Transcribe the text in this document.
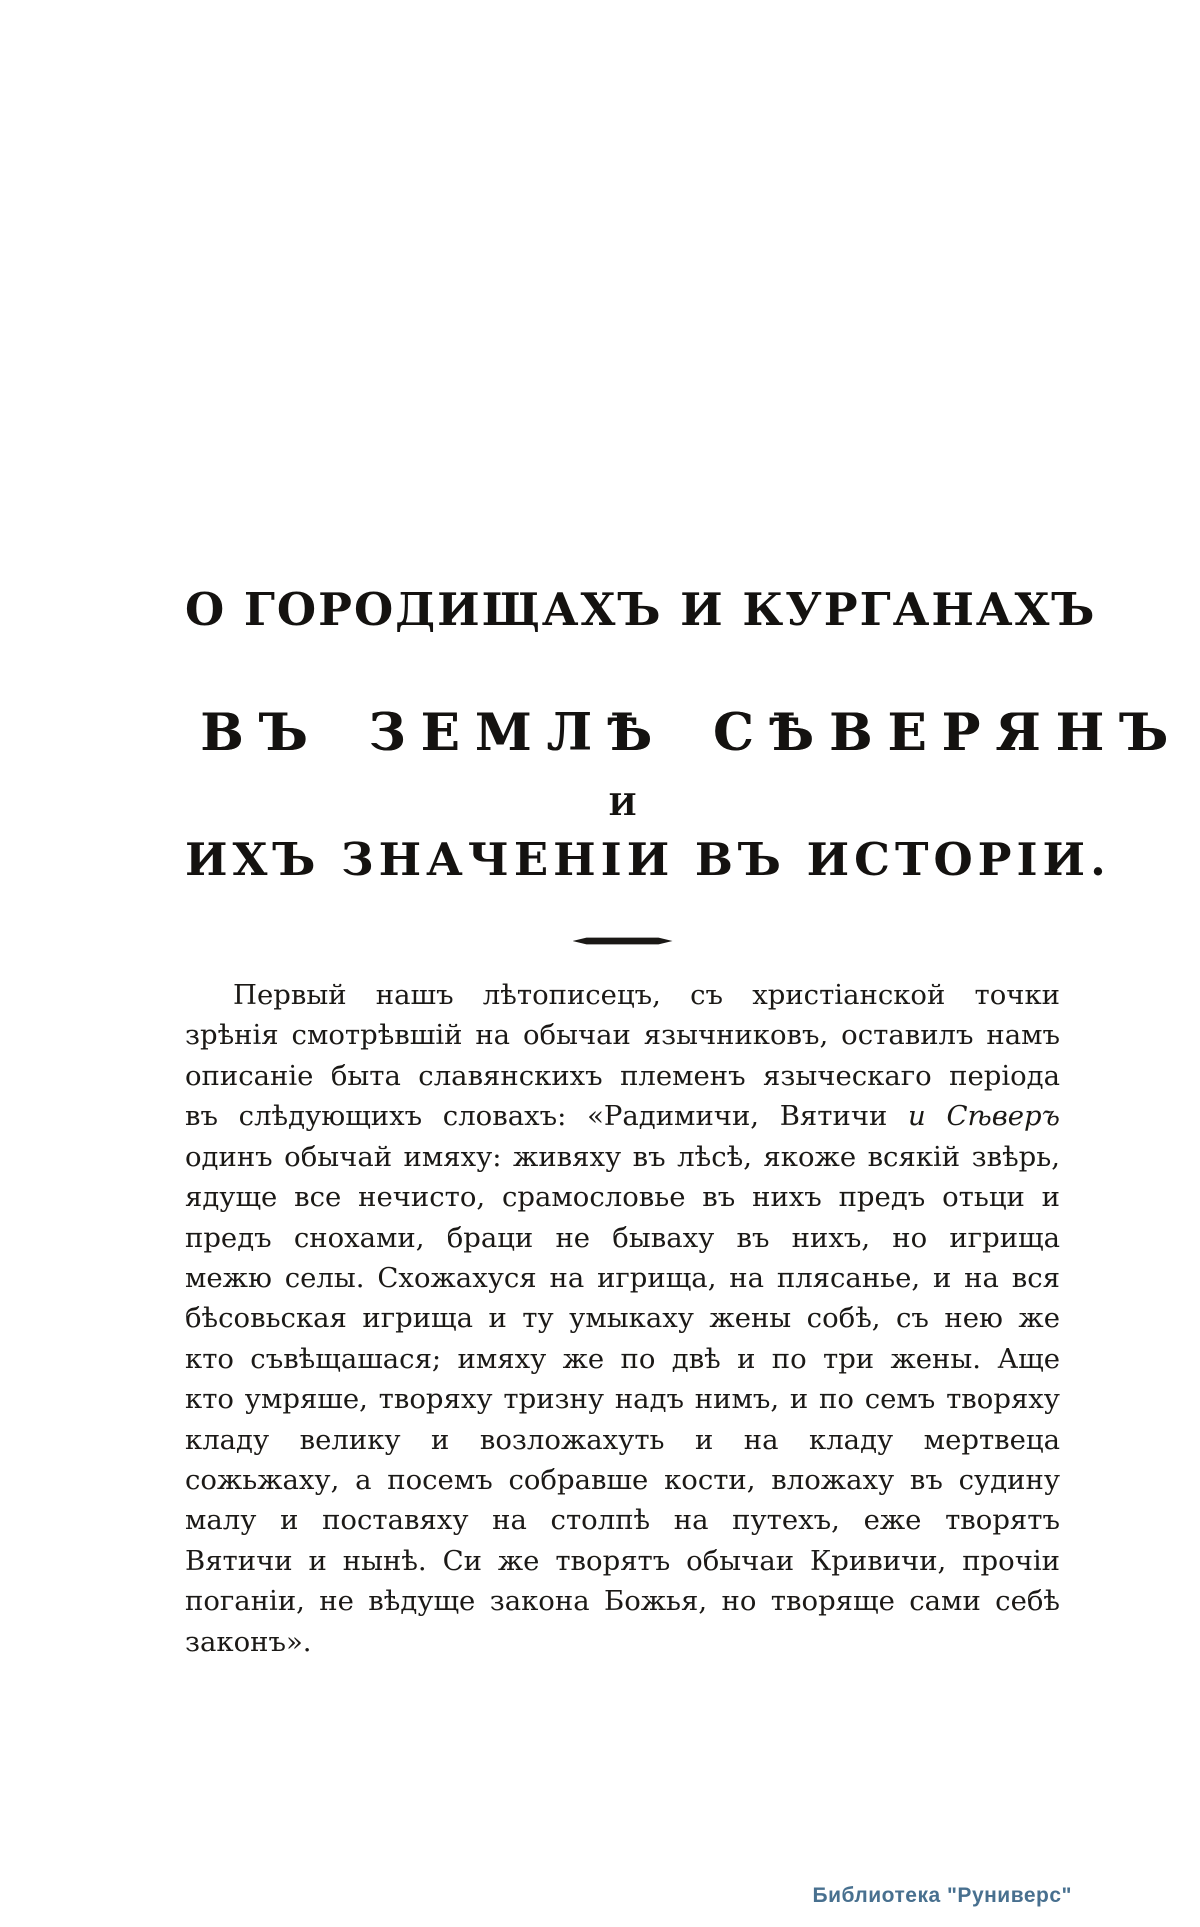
О ГОРОДИЩАХЪ И КУРГАНАХЪ
ВЪ ЗЕМЛѢ СѢВЕРЯНЪ
И
ИХЪ ЗНАЧЕНІИ ВЪ ИСТОРІИ.

Первый нашъ лѣтописецъ, съ христіанской точки зрѣнія смотрѣвшій на обычаи язычниковъ, оставилъ намъ описаніе быта славянскихъ племенъ языческаго періода въ слѣдующихъ словахъ: «Радимичи, Вятичи и Сѣверъ одинъ обычай имяху: живяху въ лѣсѣ, якоже всякій звѣрь, ядуще все нечисто, срамословье въ нихъ предъ отьци и предъ снохами, браци не бываху въ нихъ, но игрища межю селы. Схожахуся на игрища, на плясанье, и на вся бѣсовьская игрища и ту умыкаху жены собѣ, съ нею же кто съвѣщашася; имяху же по двѣ и по три жены. Аще кто умряше, творяху тризну надъ нимъ, и по семъ творяху кладу велику и возложахуть и на кладу мертвеца сожьжаху, а посемъ собравше кости, вложаху въ судину малу и поставяху на столпѣ на путехъ, еже творятъ Вятичи и нынѣ. Си же творятъ обычаи Кривичи, прочіи поганіи, не вѣдуще закона Божья, но творяще сами себѣ законъ».

Библиотека "Руниверс"
